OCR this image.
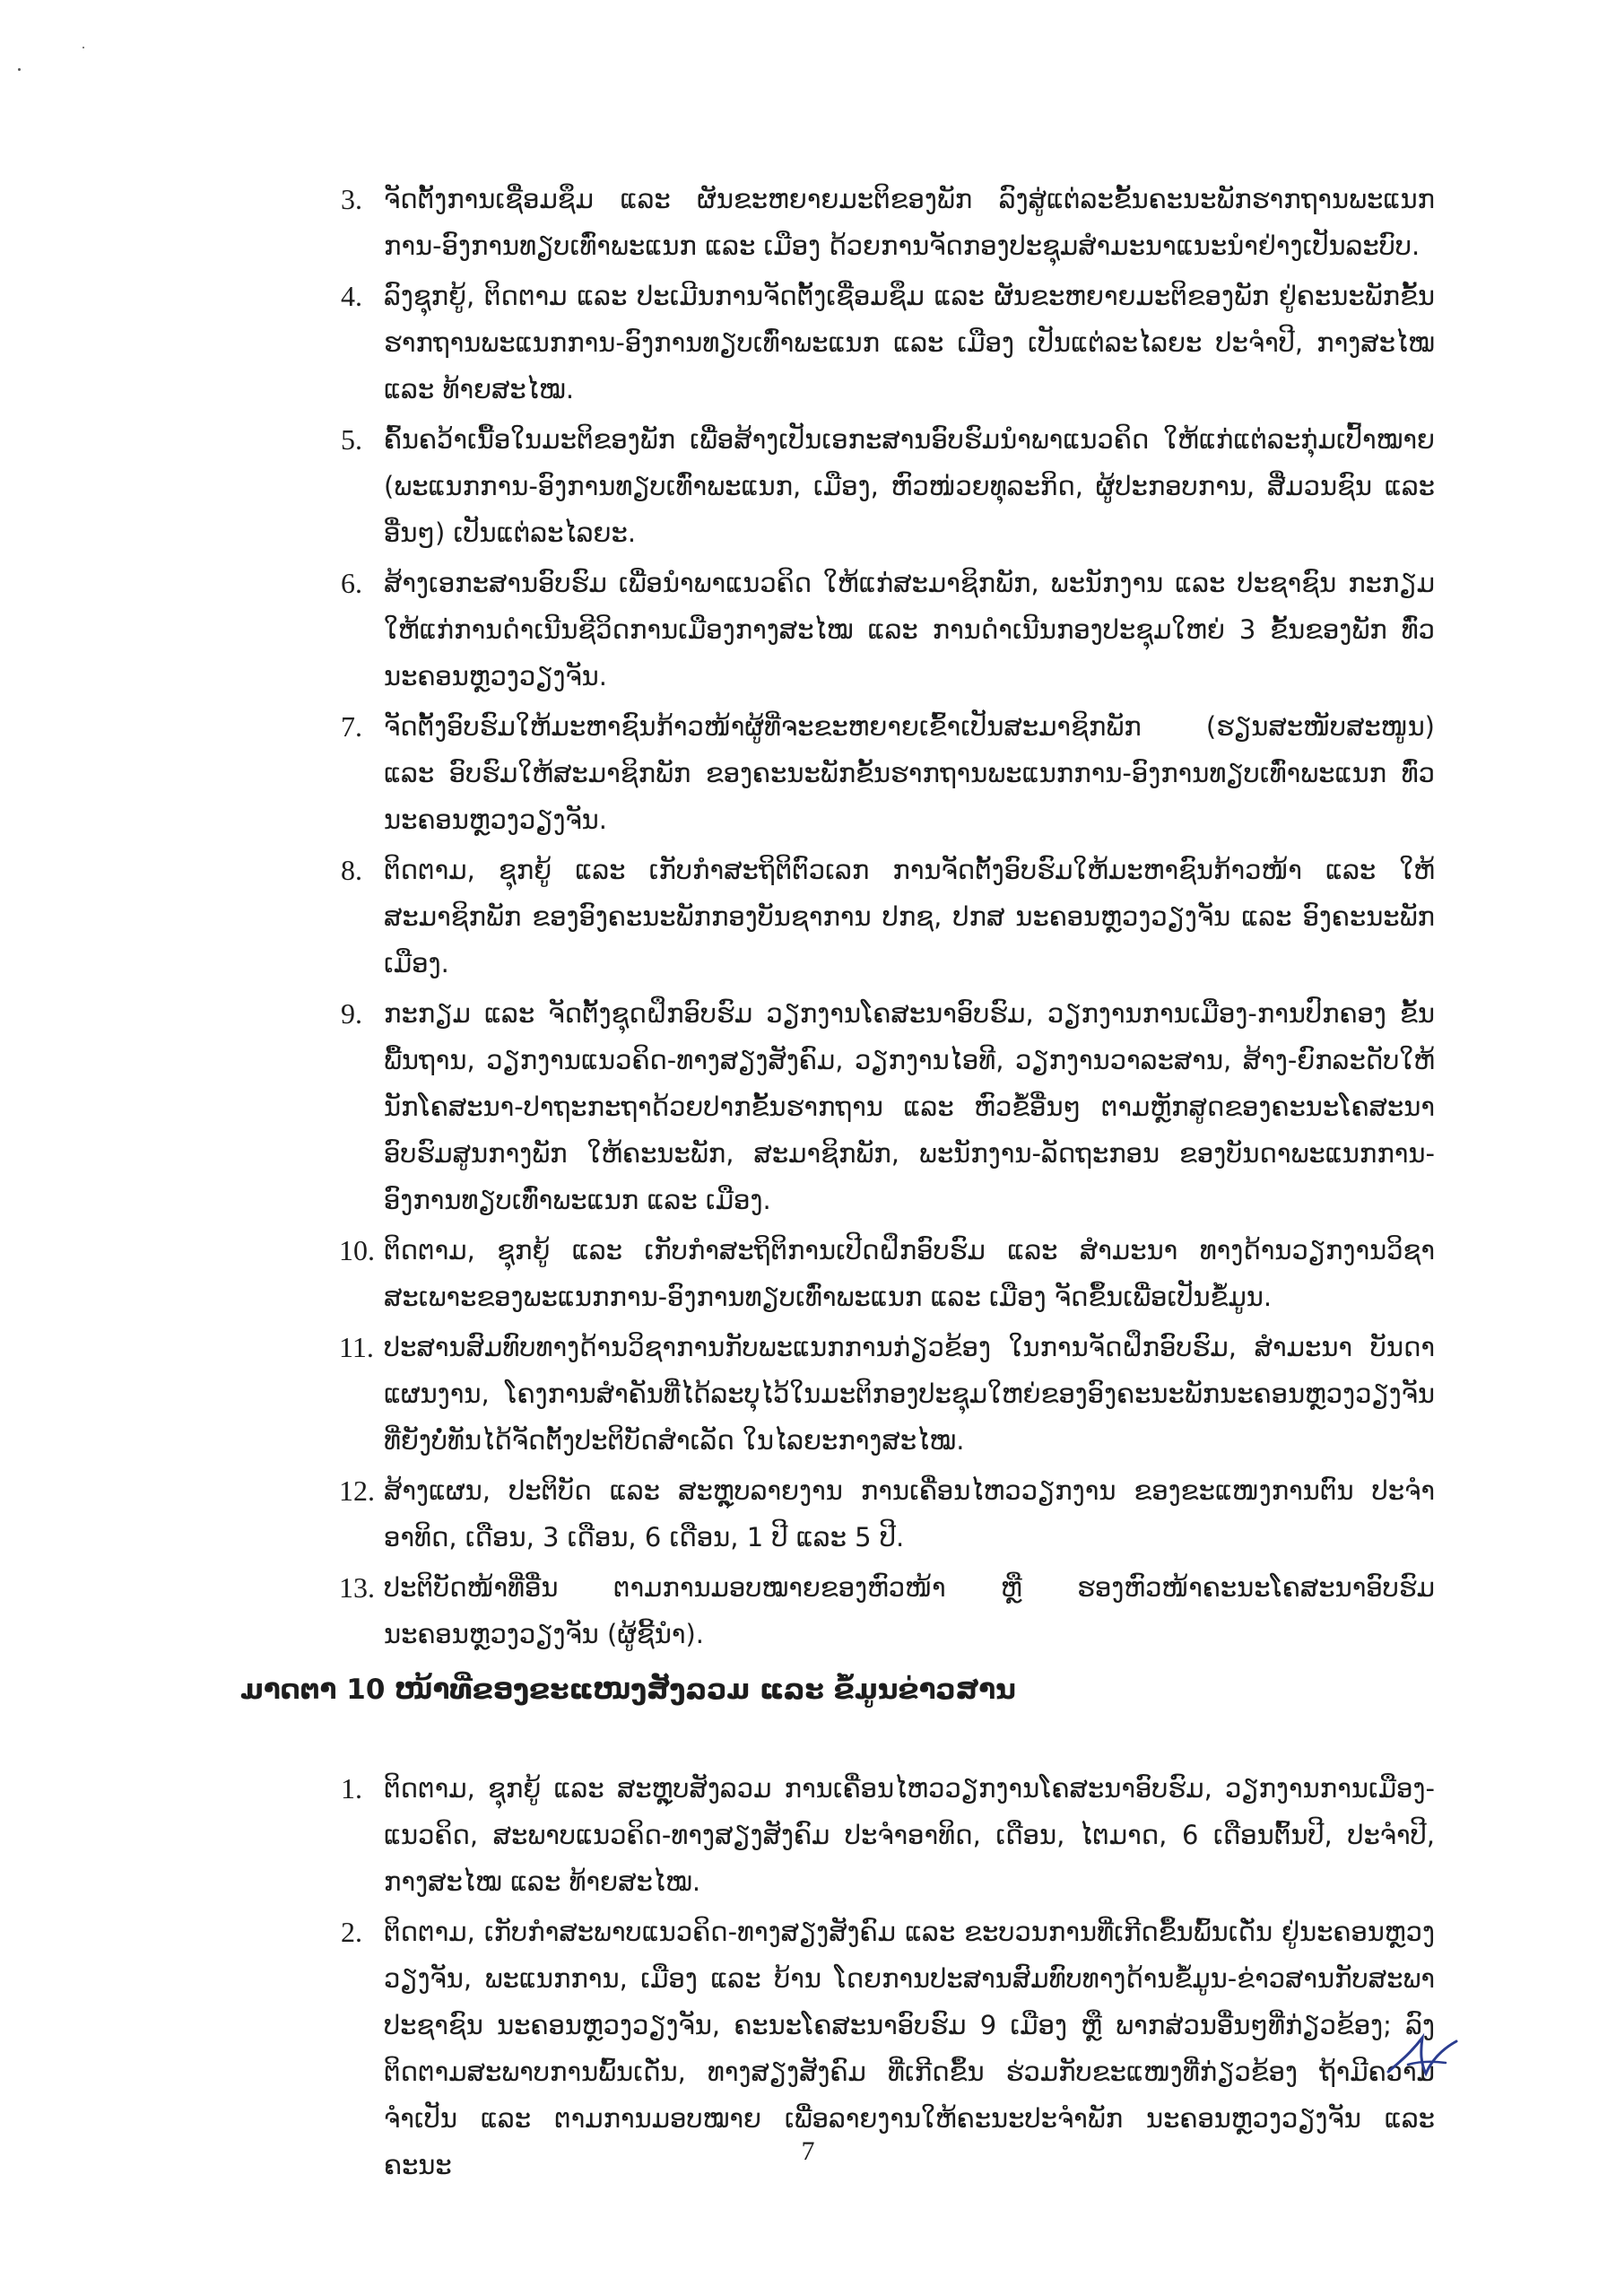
3. ຈັດຕັ້ງການເຊື່ອມຊຶມ ແລະ ຜັນຂະຫຍາຍມະຕິຂອງພັກ ລົງສູ່ແຕ່ລະຂັ້ນຄະນະພັກຮາກຖານພະແນກການ-ອົງການທຽບເທົ່າພະແນກ ແລະ ເມືອງ ດ້ວຍການຈັດກອງປະຊຸມສຳມະນາແນະນຳຢ່າງເປັນລະບົບ.
4. ລົງຊຸກຍູ້, ຕິດຕາມ ແລະ ປະເມີນການຈັດຕັ້ງເຊື່ອມຊຶມ ແລະ ຜັນຂະຫຍາຍມະຕິຂອງພັກ ຢູ່ຄະນະພັກຂັ້ນຮາກຖານພະແນກການ-ອົງການທຽບເທົ່າພະແນກ ແລະ ເມືອງ ເປັນແຕ່ລະໄລຍະ ປະຈຳປີ, ກາງສະໄໝ ແລະ ທ້າຍສະໄໝ.
5. ຄົ້ນຄວ້າເນື້ອໃນມະຕິຂອງພັກ ເພື່ອສ້າງເປັນເອກະສານອົບຮົມນຳພາແນວຄິດ ໃຫ້ແກ່ແຕ່ລະກຸ່ມເປົ້າໝາຍ (ພະແນກການ-ອົງການທຽບເທົ່າພະແນກ, ເມືອງ, ຫົວໜ່ວຍທຸລະກິດ, ຜູ້ປະກອບການ, ສື່ມວນຊົນ ແລະ ອື່ນໆ) ເປັນແຕ່ລະໄລຍະ.
6. ສ້າງເອກະສານອົບຮົມ ເພື່ອນຳພາແນວຄິດ ໃຫ້ແກ່ສະມາຊິກພັກ, ພະນັກງານ ແລະ ປະຊາຊົນ ກະກຽມໃຫ້ແກ່ການດຳເນີນຊີວິດການເມືອງກາງສະໄໝ ແລະ ການດຳເນີນກອງປະຊຸມໃຫຍ່ 3 ຂັ້ນຂອງພັກ ທົ່ວນະຄອນຫຼວງວຽງຈັນ.
7. ຈັດຕັ້ງອົບຮົມໃຫ້ມະຫາຊົນກ້າວໜ້າຜູ້ທີ່ຈະຂະຫຍາຍເຂົ້າເປັນສະມາຊິກພັກ (ຮຽນສະໜັບສະໜູນ) ແລະ ອົບຮົມໃຫ້ສະມາຊິກພັກ ຂອງຄະນະພັກຂັ້ນຮາກຖານພະແນກການ-ອົງການທຽບເທົ່າພະແນກ ທົ່ວນະຄອນຫຼວງວຽງຈັນ.
8. ຕິດຕາມ, ຊຸກຍູ້ ແລະ ເກັບກຳສະຖິຕິຕົວເລກ ການຈັດຕັ້ງອົບຮົມໃຫ້ມະຫາຊົນກ້າວໜ້າ ແລະ ໃຫ້ສະມາຊິກພັກ ຂອງອົງຄະນະພັກກອງບັນຊາການ ປກຊ, ປກສ ນະຄອນຫຼວງວຽງຈັນ ແລະ ອົງຄະນະພັກເມືອງ.
9. ກະກຽມ ແລະ ຈັດຕັ້ງຊຸດຝຶກອົບຮົມ ວຽກງານໂຄສະນາອົບຮົມ, ວຽກງານການເມືອງ-ການປົກຄອງ ຂັ້ນພື້ນຖານ, ວຽກງານແນວຄິດ-ທາງສຽງສັງຄົມ, ວຽກງານໄອທີ, ວຽກງານວາລະສານ, ສ້າງ-ຍົກລະດັບໃຫ້ນັກໂຄສະນາ-ປາຖະກະຖາດ້ວຍປາກຂັ້ນຮາກຖານ ແລະ ຫົວຂໍ້ອື່ນໆ ຕາມຫຼັກສູດຂອງຄະນະໂຄສະນາອົບຮົມສູນກາງພັກ ໃຫ້ຄະນະພັກ, ສະມາຊິກພັກ, ພະນັກງານ-ລັດຖະກອນ ຂອງບັນດາພະແນກການ-ອົງການທຽບເທົ່າພະແນກ ແລະ ເມືອງ.
10. ຕິດຕາມ, ຊຸກຍູ້ ແລະ ເກັບກຳສະຖິຕິການເປີດຝຶກອົບຮົມ ແລະ ສຳມະນາ ທາງດ້ານວຽກງານວິຊາສະເພາະຂອງພະແນກການ-ອົງການທຽບເທົ່າພະແນກ ແລະ ເມືອງ ຈັດຂຶ້ນເພື່ອເປັນຂໍ້ມູນ.
11. ປະສານສົມທົບທາງດ້ານວິຊາການກັບພະແນກການກ່ຽວຂ້ອງ ໃນການຈັດຝຶກອົບຮົມ, ສຳມະນາ ບັນດາແຜນງານ, ໂຄງການສຳຄັນທີ່ໄດ້ລະບຸໄວ້ໃນມະຕິກອງປະຊຸມໃຫຍ່ຂອງອົງຄະນະພັກນະຄອນຫຼວງວຽງຈັນທີ່ຍັງບໍ່ທັນໄດ້ຈັດຕັ້ງປະຕິບັດສຳເລັດ ໃນໄລຍະກາງສະໄໝ.
12. ສ້າງແຜນ, ປະຕິບັດ ແລະ ສະຫຼຸບລາຍງານ ການເຄື່ອນໄຫວວຽກງານ ຂອງຂະແໜງການຕົນ ປະຈຳອາທິດ, ເດືອນ, 3 ເດືອນ, 6 ເດືອນ, 1 ປີ ແລະ 5 ປີ.
13. ປະຕິບັດໜ້າທີ່ອື່ນ ຕາມການມອບໝາຍຂອງຫົວໜ້າ ຫຼື ຮອງຫົວໜ້າຄະນະໂຄສະນາອົບຮົມ ນະຄອນຫຼວງວຽງຈັນ (ຜູ້ຊີ້ນຳ).
ມາດຕາ 10 ໜ້າທີ່ຂອງຂະແໜງສັງລວມ ແລະ ຂໍ້ມູນຂ່າວສານ
1. ຕິດຕາມ, ຊຸກຍູ້ ແລະ ສະຫຼຸບສັງລວມ ການເຄື່ອນໄຫວວຽກງານໂຄສະນາອົບຮົມ, ວຽກງານການເມືອງ-ແນວຄິດ, ສະພາບແນວຄິດ-ທາງສຽງສັງຄົມ ປະຈຳອາທິດ, ເດືອນ, ໄຕມາດ, 6 ເດືອນຕົ້ນປີ, ປະຈຳປີ, ກາງສະໄໝ ແລະ ທ້າຍສະໄໝ.
2. ຕິດຕາມ, ເກັບກຳສະພາບແນວຄິດ-ທາງສຽງສັງຄົມ ແລະ ຂະບວນການທີ່ເກີດຂຶ້ນພົ້ນເດັ່ນ ຢູ່ນະຄອນຫຼວງວຽງຈັນ, ພະແນກການ, ເມືອງ ແລະ ບ້ານ ໂດຍການປະສານສົມທົບທາງດ້ານຂໍ້ມູນ-ຂ່າວສານກັບສະພາປະຊາຊົນ ນະຄອນຫຼວງວຽງຈັນ, ຄະນະໂຄສະນາອົບຮົມ 9 ເມືອງ ຫຼື ພາກສ່ວນອື່ນໆທີ່ກ່ຽວຂ້ອງ; ລົງຕິດຕາມສະພາບການພົ້ນເດັ່ນ, ທາງສຽງສັງຄົມ ທີ່ເກີດຂຶ້ນ ຮ່ວມກັບຂະແໜງທີ່ກ່ຽວຂ້ອງ ຖ້າມີຄວາມຈຳເປັນ ແລະ ຕາມການມອບໝາຍ ເພື່ອລາຍງານໃຫ້ຄະນະປະຈຳພັກ ນະຄອນຫຼວງວຽງຈັນ ແລະ ຄະນະ	7
